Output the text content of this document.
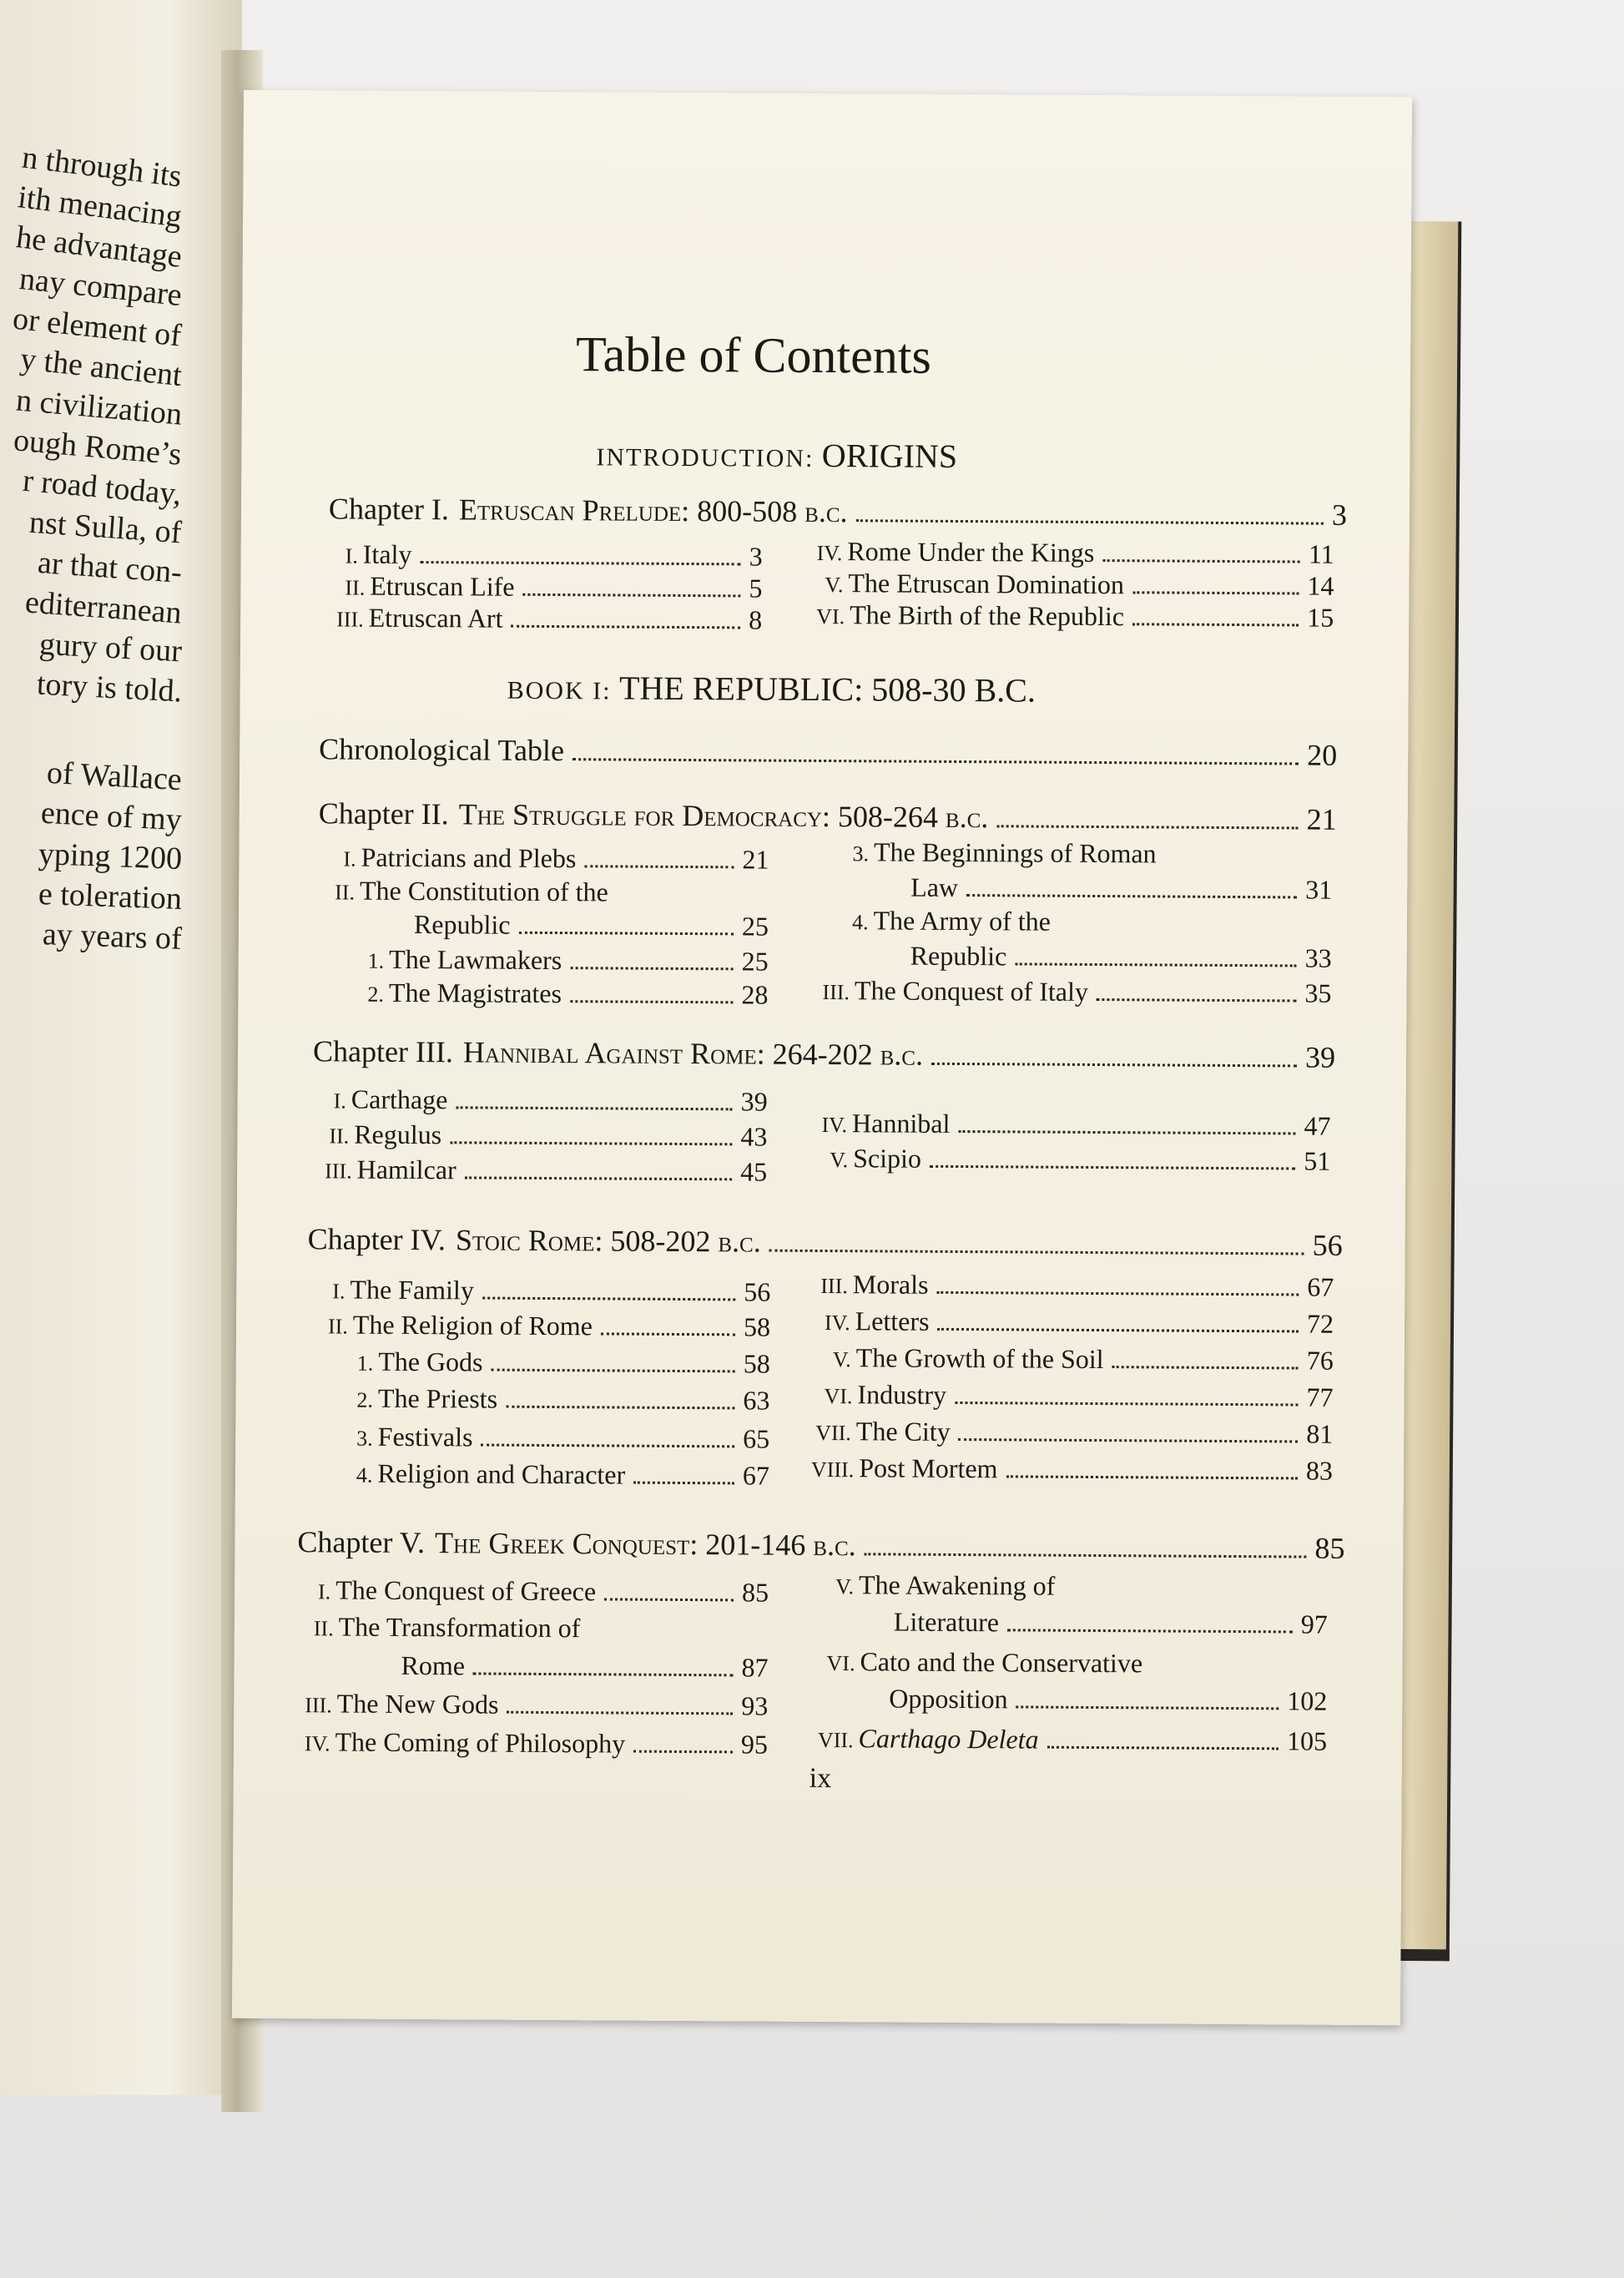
n through its
ith menacing
he advantage
nay compare
or element of
y the ancient
n civilization
ough Rome’s
r road today,
nst Sulla, of
ar that con-
editerranean
gury of our
tory is told.
of Wallace
ence of my
yping 1200
e toleration
ay years of
Table of Contents
INTRODUCTION: ORIGINS
Chapter I. Etruscan Prelude: 800-508 b.c.	3
I. Italy	3
II. Etruscan Life	5
III. Etruscan Art	8
IV. Rome Under the Kings	11
V. The Etruscan Domination	14
VI. The Birth of the Republic	15
BOOK I: THE REPUBLIC: 508-30 B.C.
Chronological Table	20
Chapter II. The Struggle for Democracy: 508-264 b.c.	21
I. Patricians and Plebs	21
II. The Constitution of the
Republic	25
1. The Lawmakers	25
2. The Magistrates	28
3. The Beginnings of Roman
Law	31
4. The Army of the
Republic	33
III. The Conquest of Italy	35
Chapter III. Hannibal Against Rome: 264-202 b.c.	39
I. Carthage	39
II. Regulus	43
III. Hamilcar	45
IV. Hannibal	47
V. Scipio	51
Chapter IV. Stoic Rome: 508-202 b.c.	56
I. The Family	56
II. The Religion of Rome	58
1. The Gods	58
2. The Priests	63
3. Festivals	65
4. Religion and Character	67
III. Morals	67
IV. Letters	72
V. The Growth of the Soil	76
VI. Industry	77
VII. The City	81
VIII. Post Mortem	83
Chapter V. The Greek Conquest: 201-146 b.c.	85
I. The Conquest of Greece	85
II. The Transformation of
Rome	87
III. The New Gods	93
IV. The Coming of Philosophy	95
V. The Awakening of
Literature	97
VI. Cato and the Conservative
Opposition	102
VII. Carthago Deleta	105
ix
